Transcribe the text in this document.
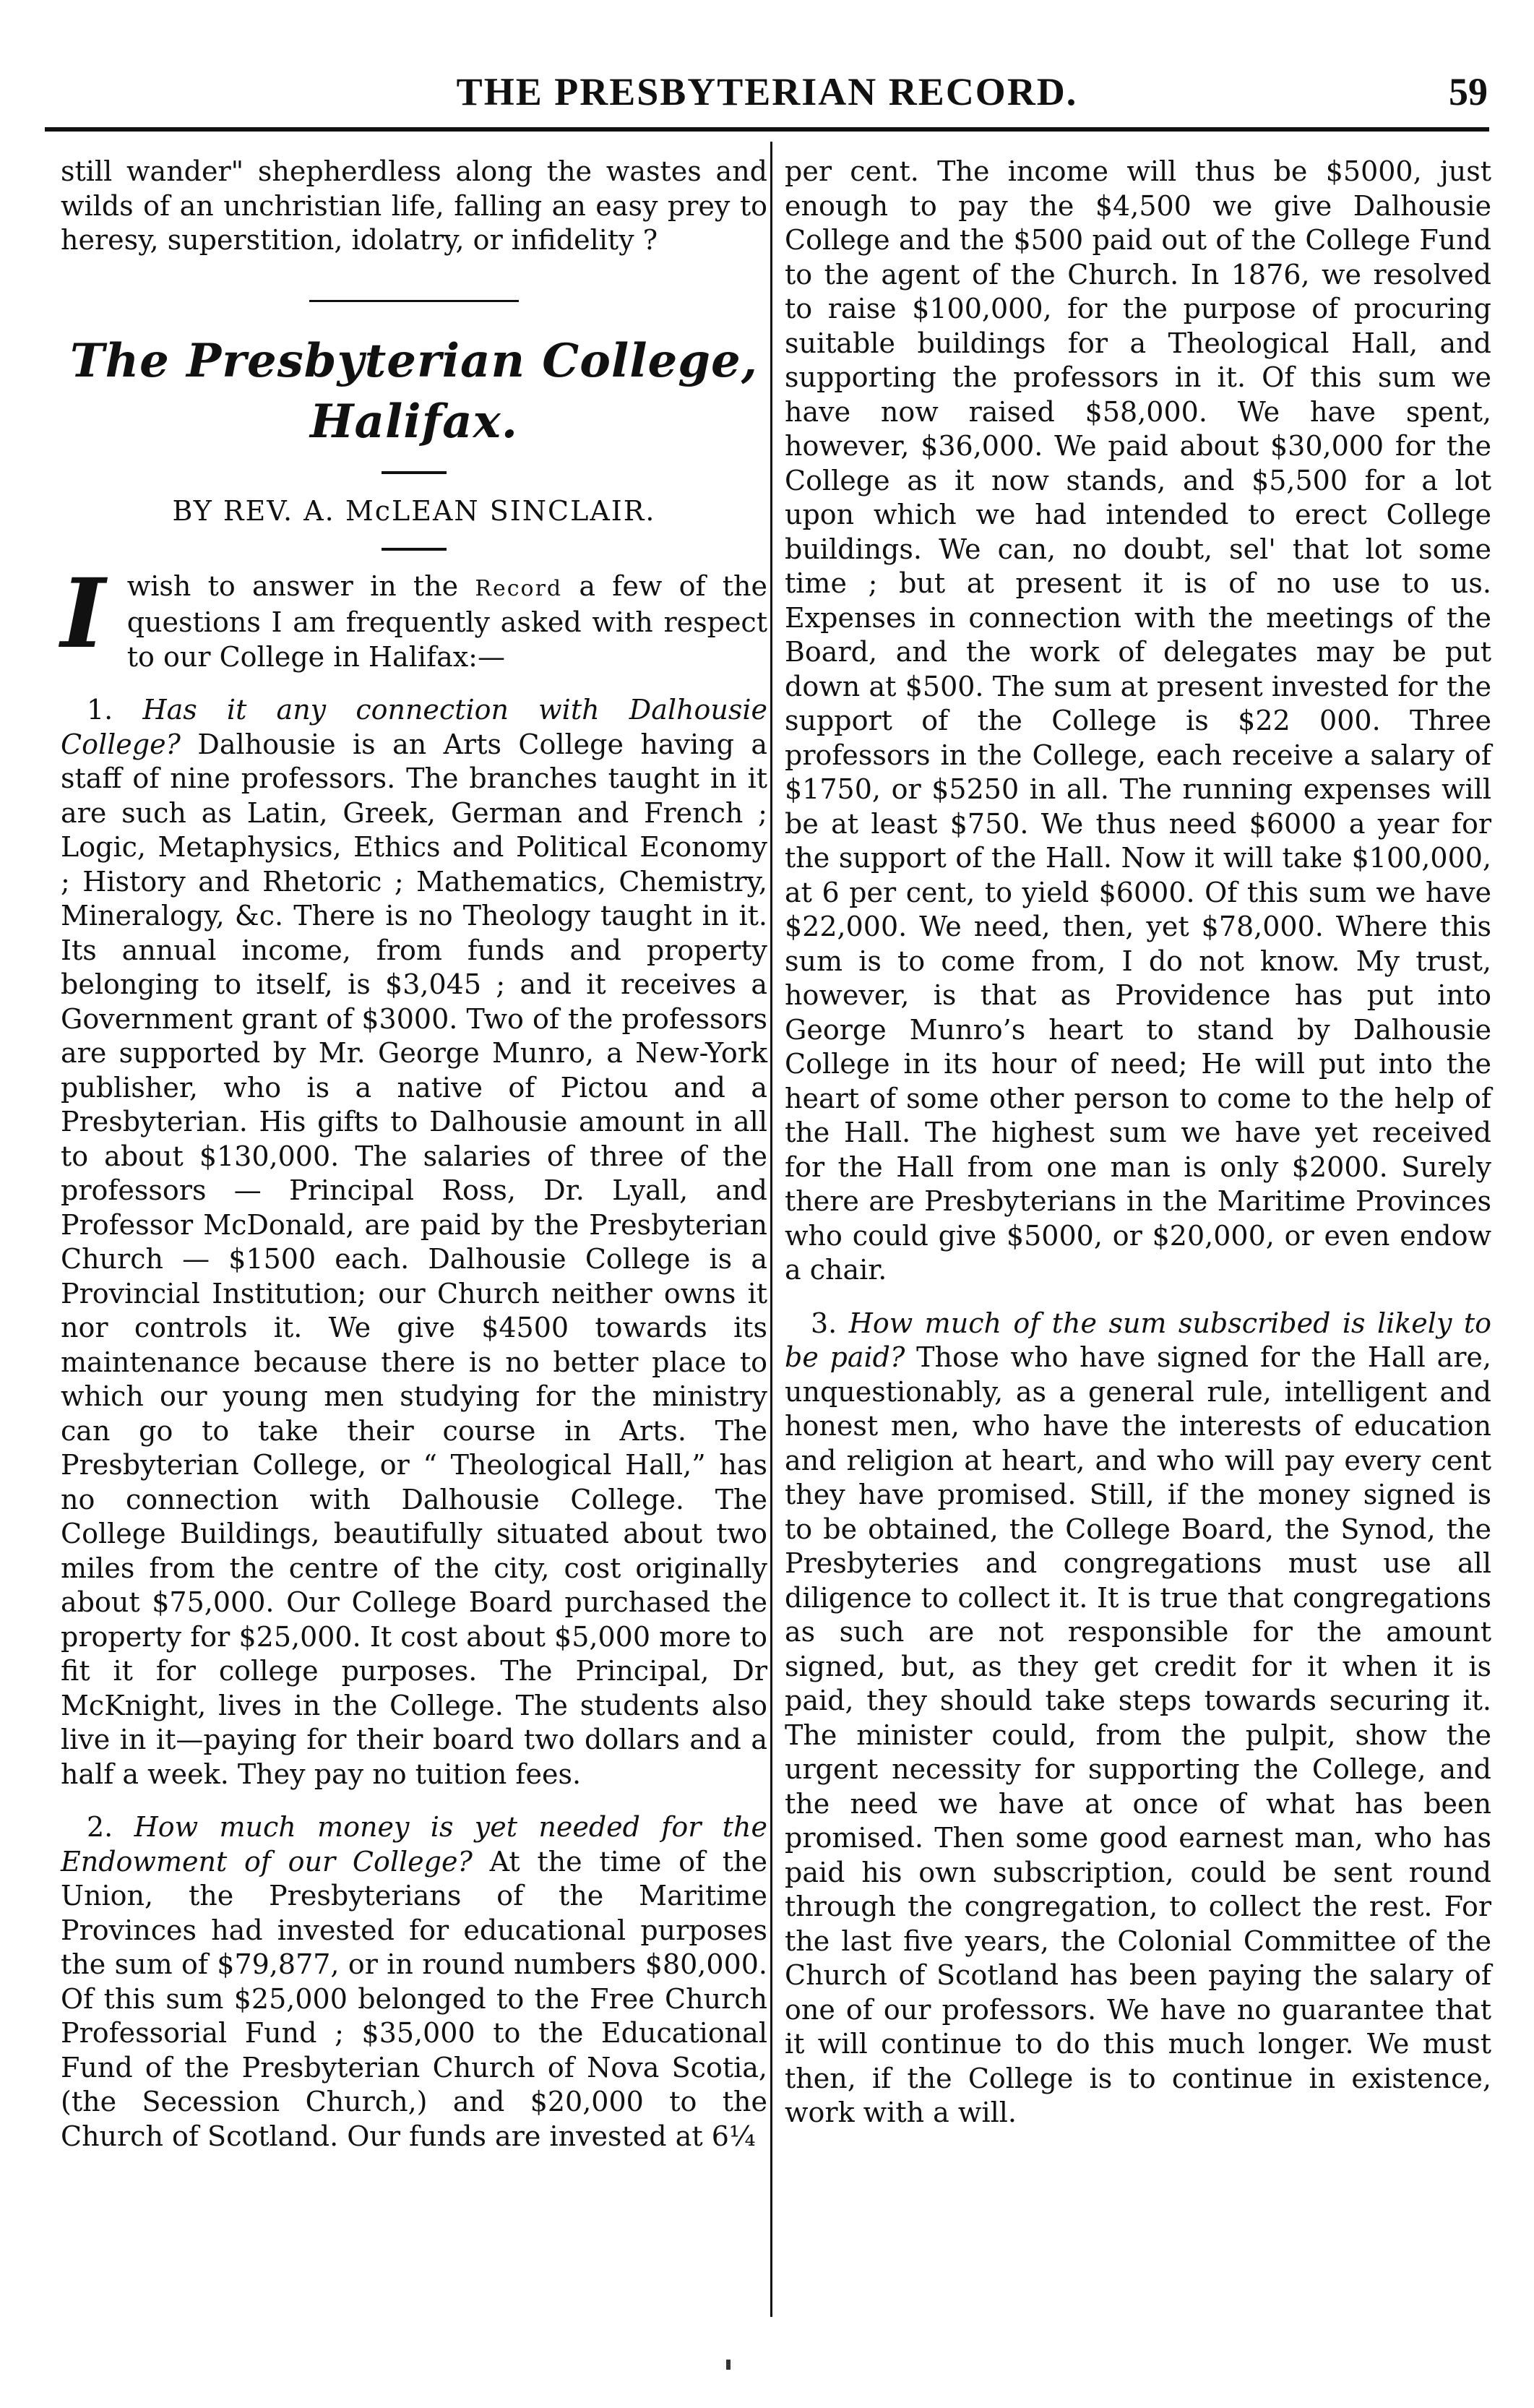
THE PRESBYTERIAN RECORD.	59

still wander" shepherdless along the wastes and wilds of an unchristian life, falling an easy prey to heresy, superstition, idolatry, or infidelity ?

The Presbyterian College, Halifax.
BY REV. A. McLEAN SINCLAIR.

Iwish to answer in the Record a few of the questions I am frequently asked with respect to our College in Halifax:—

1. Has it any connection with Dalhousie College? Dalhousie is an Arts College having a staff of nine professors. The branches taught in it are such as Latin, Greek, German and French ; Logic, Metaphysics, Ethics and Political Economy ; History and Rhetoric ; Mathematics, Chemistry, Mineralogy, &c. There is no Theology taught in it. Its annual income, from funds and property belonging to itself, is $3,045 ; and it receives a Government grant of $3000. Two of the professors are supported by Mr. George Munro, a New-York publisher, who is a native of Pictou and a Presbyterian. His gifts to Dalhousie amount in all to about $130,000. The salaries of three of the professors — Principal Ross, Dr. Lyall, and Professor McDonald, are paid by the Presbyterian Church — $1500 each. Dalhousie College is a Provincial Institution; our Church neither owns it nor controls it. We give $4500 towards its maintenance because there is no better place to which our young men studying for the ministry can go to take their course in Arts. The Presbyterian College, or “ Theological Hall,” has no connection with Dalhousie College. The College Buildings, beautifully situated about two miles from the centre of the city, cost originally about $75,000. Our College Board purchased the property for $25,000. It cost about $5,000 more to fit it for college purposes. The Principal, Dr McKnight, lives in the College. The students also live in it—paying for their board two dollars and a half a week. They pay no tuition fees.

2. How much money is yet needed for the Endowment of our College? At the time of the Union, the Presbyterians of the Maritime Provinces had invested for educational purposes the sum of $79,877, or in round numbers $80,000. Of this sum $25,000 belonged to the Free Church Professorial Fund ; $35,000 to the Educational Fund of the Presbyterian Church of Nova Scotia, (the Secession Church,) and $20,000 to the Church of Scotland. Our funds are invested at 6¼

per cent. The income will thus be $5000, just enough to pay the $4,500 we give Dalhousie College and the $500 paid out of the College Fund to the agent of the Church. In 1876, we resolved to raise $100,000, for the purpose of procuring suitable buildings for a Theological Hall, and supporting the professors in it. Of this sum we have now raised $58,000. We have spent, however, $36,000. We paid about $30,000 for the College as it now stands, and $5,500 for a lot upon which we had intended to erect College buildings. We can, no doubt, sel' that lot some time ; but at present it is of no use to us. Expenses in connection with the meetings of the Board, and the work of delegates may be put down at $500. The sum at present invested for the support of the College is $22 000. Three professors in the College, each receive a salary of $1750, or $5250 in all. The running expenses will be at least $750. We thus need $6000 a year for the support of the Hall. Now it will take $100,000, at 6 per cent, to yield $6000. Of this sum we have $22,000. We need, then, yet $78,000. Where this sum is to come from, I do not know. My trust, however, is that as Providence has put into George Munro’s heart to stand by Dalhousie College in its hour of need; He will put into the heart of some other person to come to the help of the Hall. The highest sum we have yet received for the Hall from one man is only $2000. Surely there are Presbyterians in the Maritime Provinces who could give $5000, or $20,000, or even endow a chair.

3. How much of the sum subscribed is likely to be paid? Those who have signed for the Hall are, unquestionably, as a general rule, intelligent and honest men, who have the interests of education and religion at heart, and who will pay every cent they have promised. Still, if the money signed is to be obtained, the College Board, the Synod, the Presbyteries and congregations must use all diligence to collect it. It is true that congregations as such are not responsible for the amount signed, but, as they get credit for it when it is paid, they should take steps towards securing it. The minister could, from the pulpit, show the urgent necessity for supporting the College, and the need we have at once of what has been promised. Then some good earnest man, who has paid his own subscription, could be sent round through the congregation, to collect the rest. For the last five years, the Colonial Committee of the Church of Scotland has been paying the salary of one of our professors. We have no guarantee that it will continue to do this much longer. We must then, if the College is to continue in existence, work with a will.
